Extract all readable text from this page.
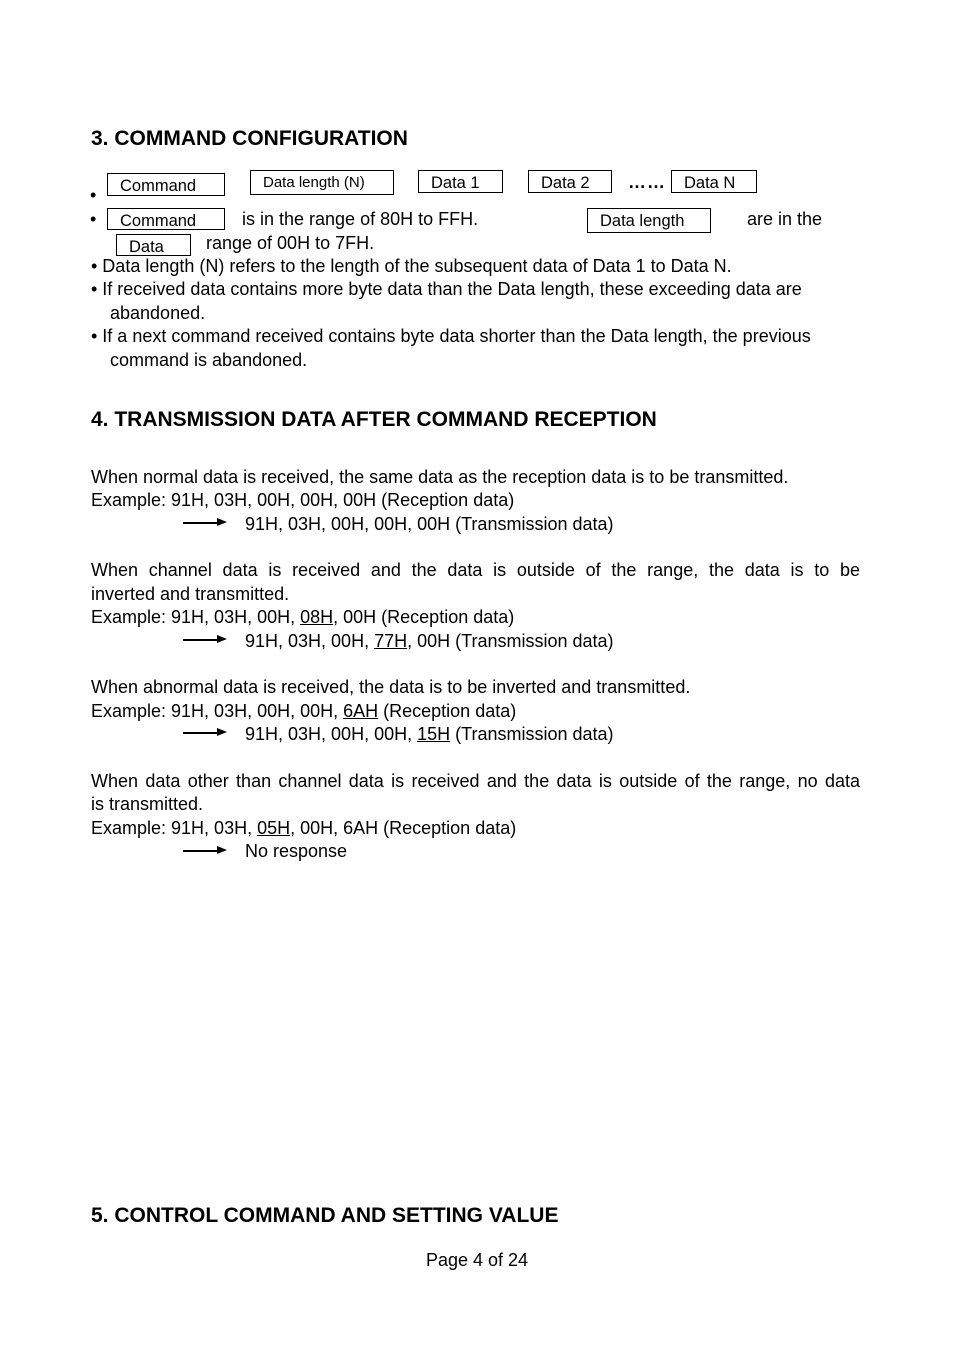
3. COMMAND CONFIGURATION
•	Command	Data length (N)	Data 1	Data 2	……	Data N
•	Command	is in the range of 80H to FFH.	Data length	are in the
Data	range of 00H to 7FH.
• Data length (N) refers to the length of the subsequent data of Data 1 to Data N.
• If received data contains more byte data than the Data length, these exceeding data are
abandoned.
• If a next command received contains byte data shorter than the Data length, the previous
command is abandoned.
4. TRANSMISSION DATA AFTER COMMAND RECEPTION
When normal data is received, the same data as the reception data is to be transmitted.
Example: 91H, 03H, 00H, 00H, 00H (Reception data)
91H, 03H, 00H, 00H, 00H (Transmission data)
When channel data is received and the data is outside of the range, the data is to be
inverted and transmitted.
Example: 91H, 03H, 00H, 08H, 00H (Reception data)
91H, 03H, 00H, 77H, 00H (Transmission data)
When abnormal data is received, the data is to be inverted and transmitted.
Example: 91H, 03H, 00H, 00H, 6AH (Reception data)
91H, 03H, 00H, 00H, 15H (Transmission data)
When data other than channel data is received and the data is outside of the range, no data
is transmitted.
Example: 91H, 03H, 05H, 00H, 6AH (Reception data)
No response
5. CONTROL COMMAND AND SETTING VALUE
Page 4 of 24
